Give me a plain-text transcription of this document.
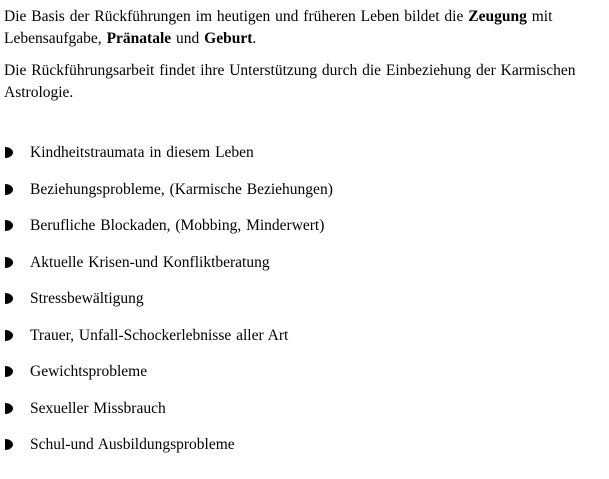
Die Basis der Rückführungen im heutigen und früheren Leben bildet die Zeugung mit
Lebensaufgabe, Pränatale und Geburt.

Die Rückführungsarbeit findet ihre Unterstützung durch die Einbeziehung der Karmischen
Astrologie.

Kindheitstraumata in diesem Leben
Beziehungsprobleme, (Karmische Beziehungen)
Berufliche Blockaden, (Mobbing, Minderwert)
Aktuelle Krisen-und Konfliktberatung
Stressbewältigung
Trauer, Unfall-Schockerlebnisse aller Art
Gewichtsprobleme
Sexueller Missbrauch
Schul-und Ausbildungsprobleme
